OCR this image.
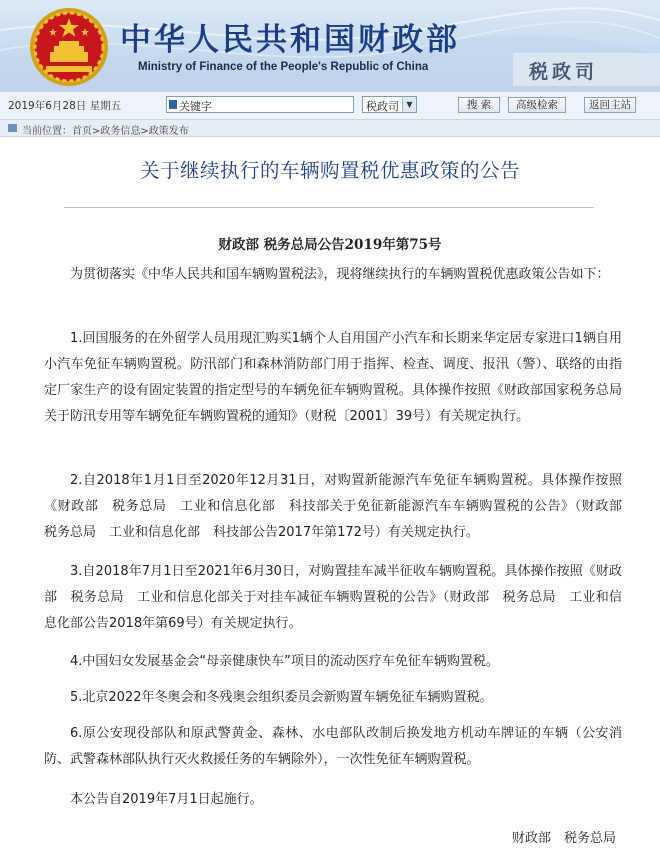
中华人民共和国财政部
Ministry of Finance of the People's Republic of China	税政司
2019年6月28日 星期五	关键字	税政司 ▼	搜 索	高级检索	返回主站
当前位置：首页>政务信息>政策发布
关于继续执行的车辆购置税优惠政策的公告
财政部 税务总局公告2019年第75号
为贯彻落实《中华人民共和国车辆购置税法》，现将继续执行的车辆购置税优惠政策公告如下：
1.回国服务的在外留学人员用现汇购买1辆个人自用国产小汽车和长期来华定居专家进口1辆自用小汽车免征车辆购置税。防汛部门和森林消防部门用于指挥、检查、调度、报汛（警）、联络的由指定厂家生产的设有固定装置的指定型号的车辆免征车辆购置税。具体操作按照《财政部国家税务总局关于防汛专用等车辆免征车辆购置税的通知》（财税〔2001〕39号）有关规定执行。
2.自2018年1月1日至2020年12月31日，对购置新能源汽车免征车辆购置税。具体操作按照《财政部　税务总局　工业和信息化部　科技部关于免征新能源汽车车辆购置税的公告》（财政部　税务总局　工业和信息化部　科技部公告2017年第172号）有关规定执行。
3.自2018年7月1日至2021年6月30日，对购置挂车减半征收车辆购置税。具体操作按照《财政部　税务总局　工业和信息化部关于对挂车减征车辆购置税的公告》（财政部　税务总局　工业和信息化部公告2018年第69号）有关规定执行。
4.中国妇女发展基金会“母亲健康快车”项目的流动医疗车免征车辆购置税。
5.北京2022年冬奥会和冬残奥会组织委员会新购置车辆免征车辆购置税。
6.原公安现役部队和原武警黄金、森林、水电部队改制后换发地方机动车牌证的车辆（公安消防、武警森林部队执行灭火救援任务的车辆除外），一次性免征车辆购置税。
本公告自2019年7月1日起施行。
财政部　税务总局
